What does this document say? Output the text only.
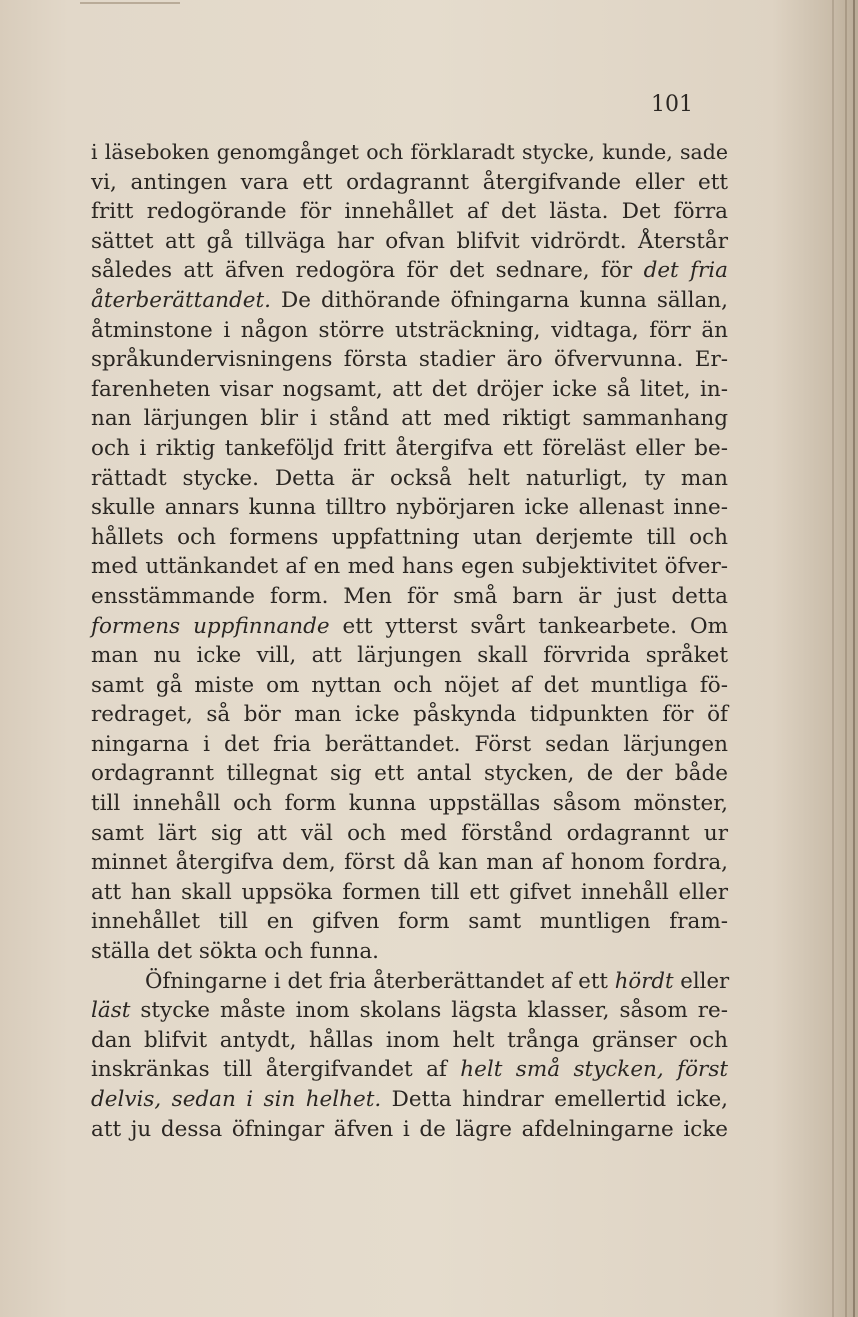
101
i läseboken genomgånget och förklaradt stycke, kunde, sade
vi, antingen vara ett ordagrannt återgifvande eller ett
fritt redogörande för innehållet af det lästa. Det förra
sättet att gå tillväga har ofvan blifvit vidrördt. Återstår
således att äfven redogöra för det sednare, för det fria
återberättandet. De dithörande öfningarna kunna sällan,
åtminstone i någon större utsträckning, vidtaga, förr än
språkundervisningens första stadier äro öfvervunna. Er-
farenheten visar nogsamt, att det dröjer icke så litet, in-
nan lärjungen blir i stånd att med riktigt sammanhang
och i riktig tankeföljd fritt återgifva ett föreläst eller be-
rättadt stycke. Detta är också helt naturligt, ty man
skulle annars kunna tilltro nybörjaren icke allenast inne-
hållets och formens uppfattning utan derjemte till och
med uttänkandet af en med hans egen subjektivitet öfver-
ensstämmande form. Men för små barn är just detta
formens uppfinnande ett ytterst svårt tankearbete. Om
man nu icke vill, att lärjungen skall förvrida språket
samt gå miste om nyttan och nöjet af det muntliga fö-
redraget, så bör man icke påskynda tidpunkten för öf
ningarna i det fria berättandet. Först sedan lärjungen
ordagrannt tillegnat sig ett antal stycken, de der både
till innehåll och form kunna uppställas såsom mönster,
samt lärt sig att väl och med förstånd ordagrannt ur
minnet återgifva dem, först då kan man af honom fordra,
att han skall uppsöka formen till ett gifvet innehåll eller
innehållet till en gifven form samt muntligen fram-
ställa det sökta och funna.
Öfningarne i det fria återberättandet af ett hördt eller
läst stycke måste inom skolans lägsta klasser, såsom re-
dan blifvit antydt, hållas inom helt trånga gränser och
inskränkas till återgifvandet af helt små stycken, först
delvis, sedan i sin helhet. Detta hindrar emellertid icke,
att ju dessa öfningar äfven i de lägre afdelningarne icke
